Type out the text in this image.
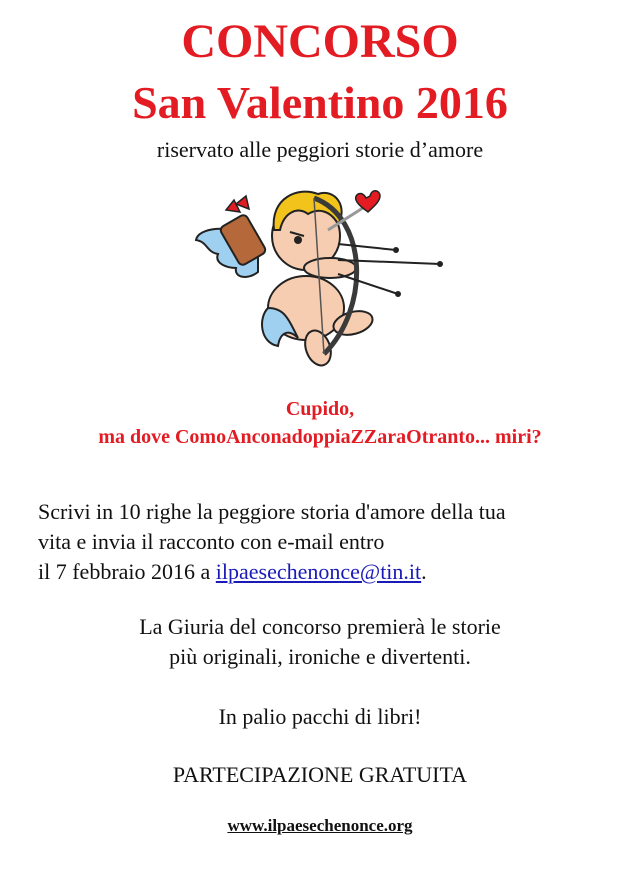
CONCORSO
San Valentino 2016

riservato alle peggiori storie d’amore

Cupido,

ma dove ComoAnconadoppiaZZaraOtranto... miri?

Scrivi in 10 righe la peggiore storia d'amore della tua

vita e invia il racconto con e-mail entro

il 7 febbraio 2016 a ilpaesechenonce@tin.it.

La Giuria del concorso premierà le storie

più originali, ironiche e divertenti.

In palio pacchi di libri!

PARTECIPAZIONE GRATUITA

www.ilpaesechenonce.org
